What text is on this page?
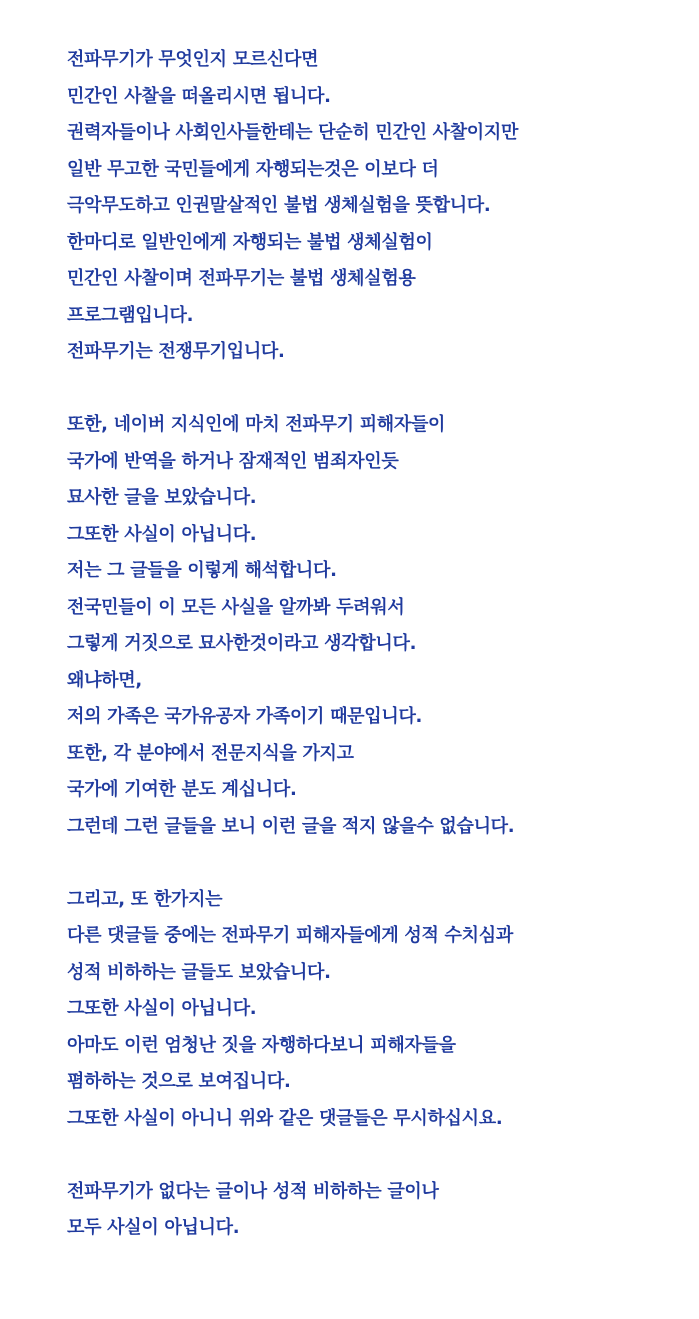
전파무기가 무엇인지 모르신다면
민간인 사찰을 떠올리시면 됩니다.
권력자들이나 사회인사들한테는 단순히 민간인 사찰이지만
일반 무고한 국민들에게 자행되는것은 이보다 더
극악무도하고 인권말살적인 불법 생체실험을 뜻합니다.
한마디로 일반인에게 자행되는 불법 생체실험이
민간인 사찰이며 전파무기는 불법 생체실험용
프로그램입니다.
전파무기는 전쟁무기입니다.
또한, 네이버 지식인에 마치 전파무기 피해자들이
국가에 반역을 하거나 잠재적인 범죄자인듯
묘사한 글을 보았습니다.
그또한 사실이 아닙니다.
저는 그 글들을 이렇게 해석합니다.
전국민들이 이 모든 사실을 알까봐 두려워서
그렇게 거짓으로 묘사한것이라고 생각합니다.
왜냐하면,
저의 가족은 국가유공자 가족이기 때문입니다.
또한, 각 분야에서 전문지식을 가지고
국가에 기여한 분도 계십니다.
그런데 그런 글들을 보니 이런 글을 적지 않을수 없습니다.
그리고, 또 한가지는
다른 댓글들 중에는 전파무기 피해자들에게 성적 수치심과
성적 비하하는 글들도 보았습니다.
그또한 사실이 아닙니다.
아마도 이런 엄청난 짓을 자행하다보니 피해자들을
폄하하는 것으로 보여집니다.
그또한 사실이 아니니 위와 같은 댓글들은 무시하십시요.
전파무기가 없다는 글이나 성적 비하하는 글이나
모두 사실이 아닙니다.
